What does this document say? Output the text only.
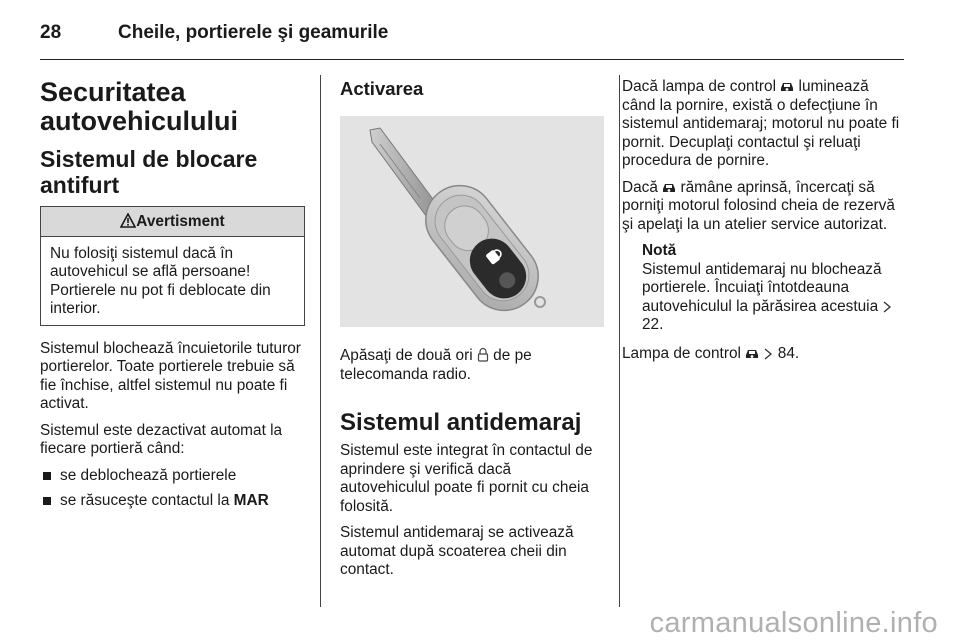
28	Cheile, portierele şi geamurile
Securitatea autovehiculului
Sistemul de blocare antifurt
Avertisment
Nu folosiţi sistemul dacă în autovehicul se află persoane! Portierele nu pot fi deblocate din interior.

Sistemul blochează încuietorile tuturor portierelor. Toate portierele trebuie să fie închise, altfel sistemul nu poate fi activat.

Sistemul este dezactivat automat la fiecare portieră când:

se deblochează portierele
se răsuceşte contactul la MAR
Activarea

Apăsaţi de două ori  de pe telecomanda radio.

Sistemul antidemaraj

Sistemul este integrat în contactul de aprindere şi verifică dacă autovehiculul poate fi pornit cu cheia folosită.

Sistemul antidemaraj se activează automat după scoaterea cheii din contact.

Dacă lampa de control  luminează când la pornire, există o defecţiune în sistemul antidemaraj; motorul nu poate fi pornit. Decuplaţi contactul şi reluaţi procedura de pornire.

Dacă  rămâne aprinsă, încercaţi să porniţi motorul folosind cheia de rezervă şi apelaţi la un atelier service autorizat.

Notă
Sistemul antidemaraj nu blochează portierele. Încuiaţi întotdeauna autovehiculul la părăsirea acestuia  22.

Lampa de control   84.

carmanualsonline.info
